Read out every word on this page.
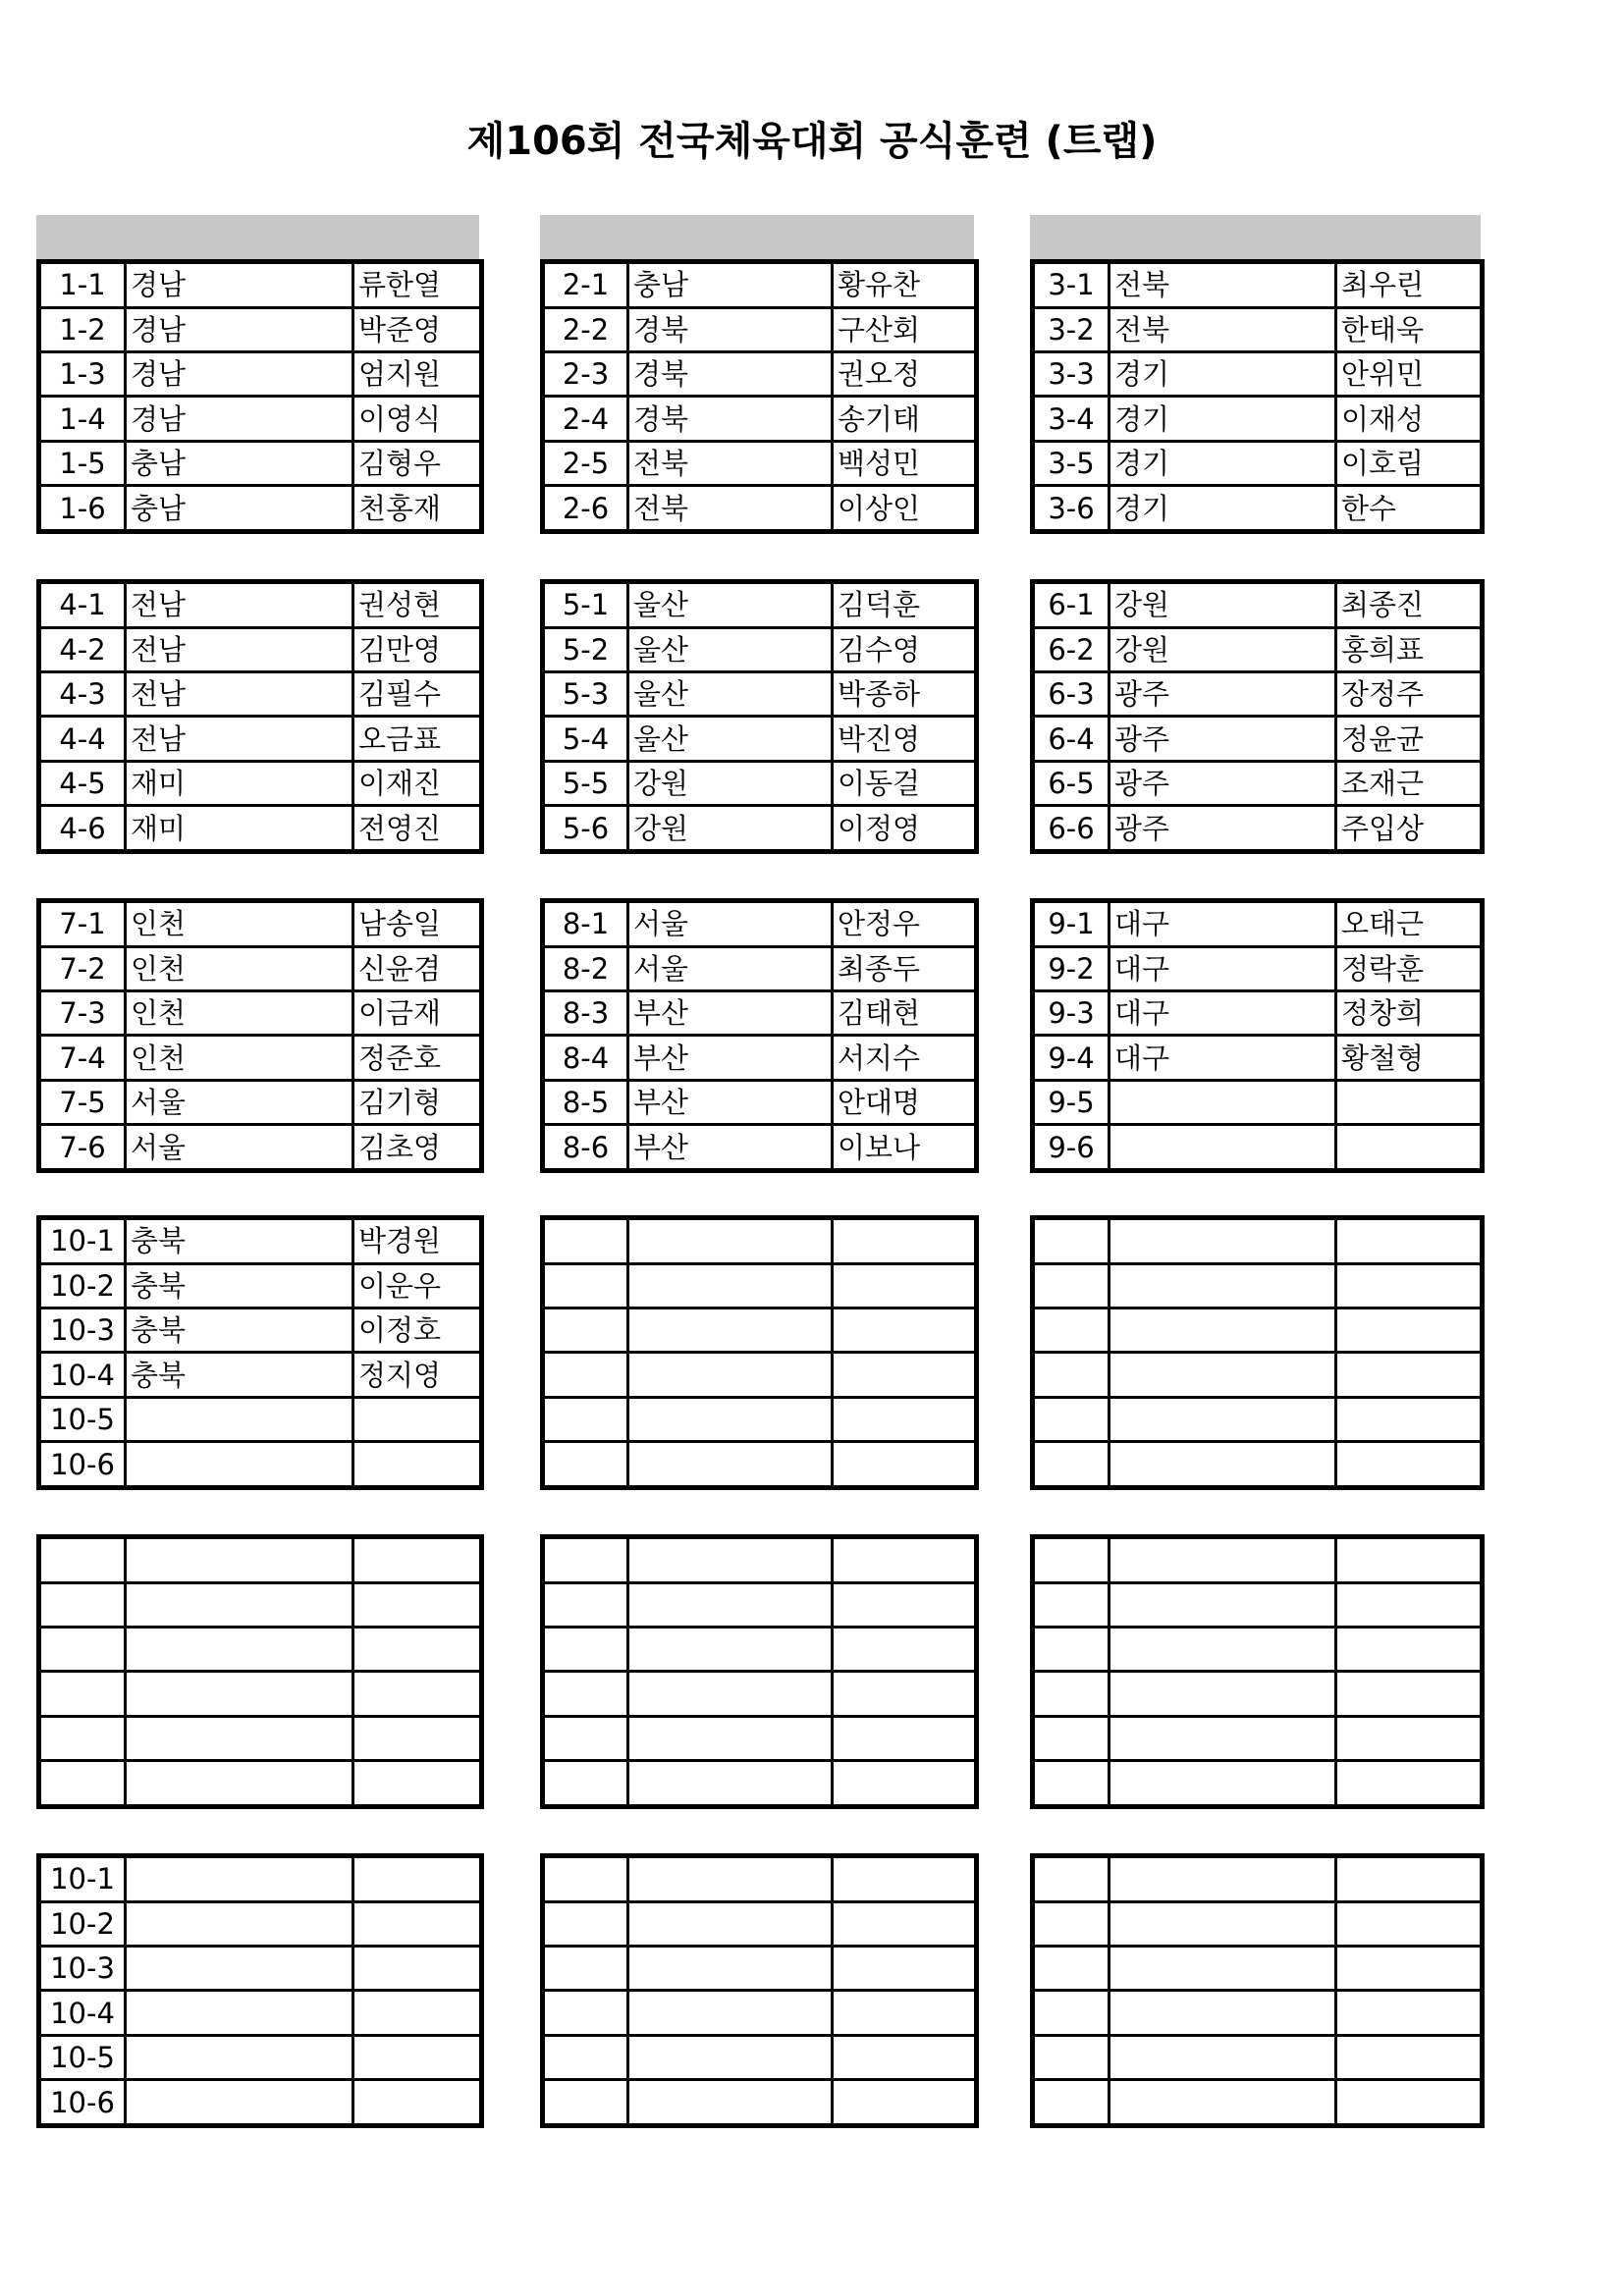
제106회 전국체육대회 공식훈련 (트랩)
1-1	경남	류한열
1-2	경남	박준영
1-3	경남	엄지원
1-4	경남	이영식
1-5	충남	김형우
1-6	충남	천홍재
2-1	충남	황유찬
2-2	경북	구산회
2-3	경북	권오정
2-4	경북	송기태
2-5	전북	백성민
2-6	전북	이상인
3-1	전북	최우린
3-2	전북	한태욱
3-3	경기	안위민
3-4	경기	이재성
3-5	경기	이호림
3-6	경기	한수
4-1	전남	권성현
4-2	전남	김만영
4-3	전남	김필수
4-4	전남	오금표
4-5	재미	이재진
4-6	재미	전영진
5-1	울산	김덕훈
5-2	울산	김수영
5-3	울산	박종하
5-4	울산	박진영
5-5	강원	이동걸
5-6	강원	이정영
6-1	강원	최종진
6-2	강원	홍희표
6-3	광주	장정주
6-4	광주	정윤균
6-5	광주	조재근
6-6	광주	주입상
7-1	인천	남송일
7-2	인천	신윤겸
7-3	인천	이금재
7-4	인천	정준호
7-5	서울	김기형
7-6	서울	김초영
8-1	서울	안정우
8-2	서울	최종두
8-3	부산	김태현
8-4	부산	서지수
8-5	부산	안대명
8-6	부산	이보나
9-1	대구	오태근
9-2	대구	정락훈
9-3	대구	정창희
9-4	대구	황철형
9-5		
9-6		
10-1	충북	박경원
10-2	충북	이운우
10-3	충북	이정호
10-4	충북	정지영
10-5		
10-6		

10-1		
10-2		
10-3		
10-4		
10-5		
10-6		
